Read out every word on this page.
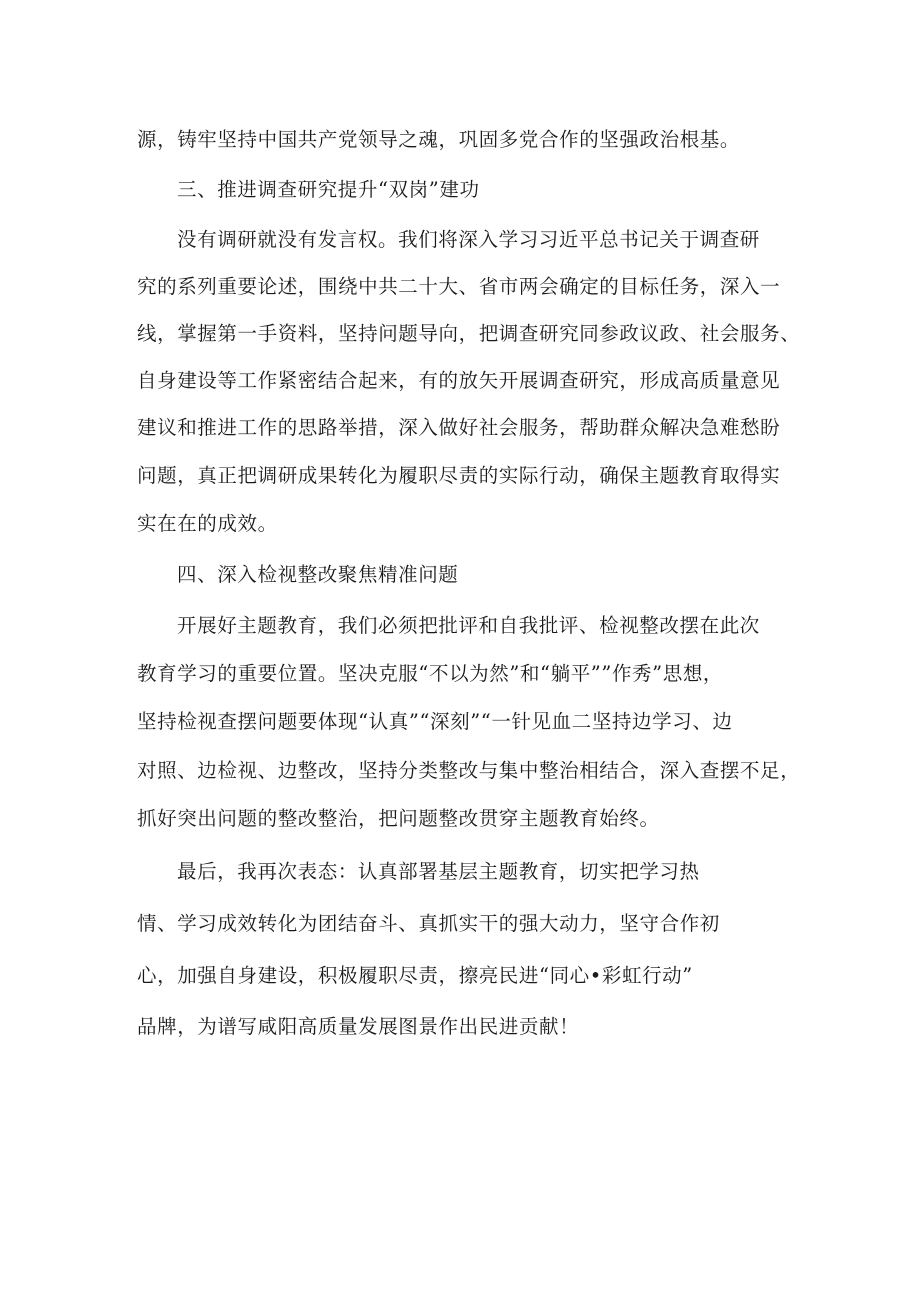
源，铸牢坚持中国共产党领导之魂，巩固多党合作的坚强政治根基。
三、推进调查研究提升“双岗”建功
没有调研就没有发言权。我们将深入学习习近平总书记关于调查研
究的系列重要论述，围绕中共二十大、省市两会确定的目标任务，深入一
线，掌握第一手资料，坚持问题导向，把调查研究同参政议政、社会服务、
自身建设等工作紧密结合起来，有的放矢开展调查研究，形成高质量意见
建议和推进工作的思路举措，深入做好社会服务，帮助群众解决急难愁盼
问题，真正把调研成果转化为履职尽责的实际行动，确保主题教育取得实
实在在的成效。
四、深入检视整改聚焦精准问题
开展好主题教育，我们必须把批评和自我批评、检视整改摆在此次
教育学习的重要位置。坚决克服“不以为然”和“躺平””作秀”思想，
坚持检视查摆问题要体现“认真”“深刻”“一针见血二坚持边学习、边
对照、边检视、边整改，坚持分类整改与集中整治相结合，深入查摆不足，
抓好突出问题的整改整治，把问题整改贯穿主题教育始终。
最后，我再次表态：认真部署基层主题教育，切实把学习热
情、学习成效转化为团结奋斗、真抓实干的强大动力，坚守合作初
心，加强自身建设，积极履职尽责，擦亮民进“同心•彩虹行动”
品牌，为谱写咸阳高质量发展图景作出民进贡献！
